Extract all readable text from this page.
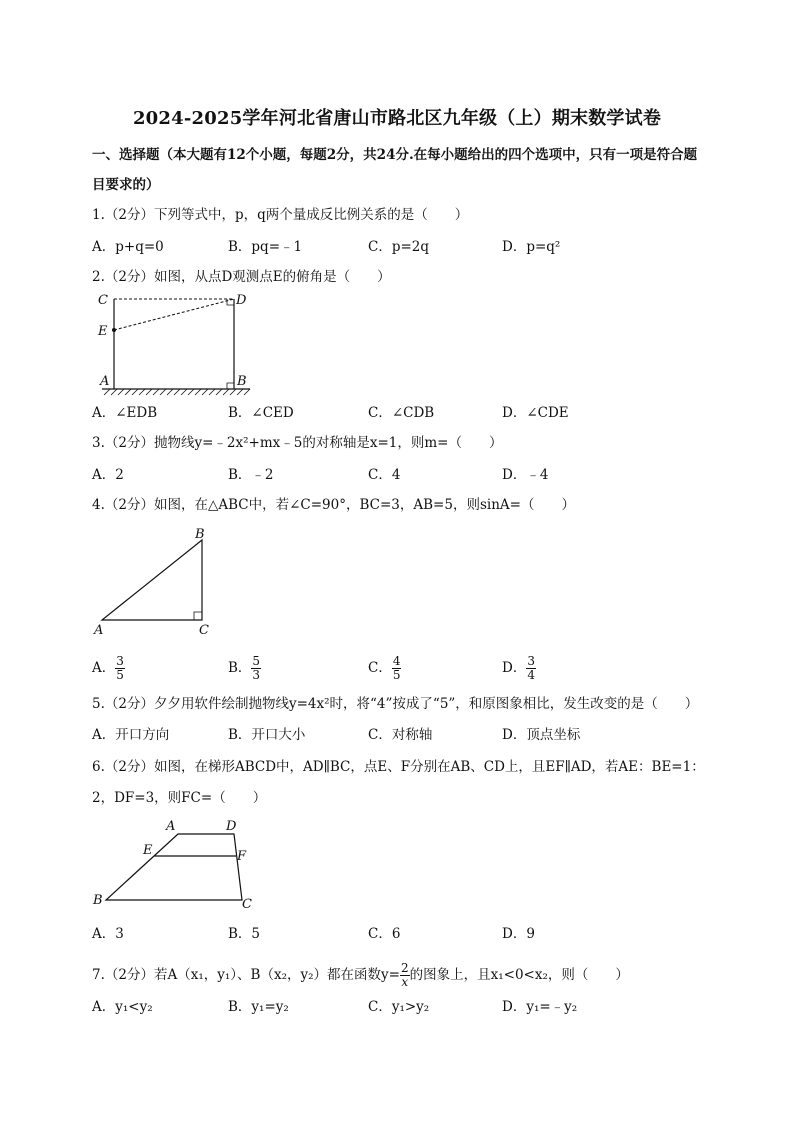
2024-2025学年河北省唐山市路北区九年级（上）期末数学试卷
一、选择题（本大题有12个小题，每题2分，共24分.在每小题给出的四个选项中，只有一项是符合题
目要求的）
1.（2分）下列等式中，p，q两个量成反比例关系的是（　　）
A．p+q=0	B．pq=﹣1	C．p=2q	D．p=q²
2.（2分）如图，从点D观测点E的俯角是（　　）
C	D
E
A	B
A．∠EDB	B．∠CED	C．∠CDB	D．∠CDE
3.（2分）抛物线y=﹣2x²+mx﹣5的对称轴是x=1，则m=（　　）
A．2	B．﹣2	C．4	D．﹣4
4.（2分）如图，在△ABC中，若∠C=90°，BC=3，AB=5，则sinA=（　　）
B
A	C
A． $\frac{3}{5}$	B． $\frac{5}{3}$	C． $\frac{4}{5}$	D． $\frac{3}{4}$
5.（2分）夕夕用软件绘制抛物线y=4x²时，将“4”按成了“5”，和原图象相比，发生改变的是（　　）
A．开口方向	B．开口大小	C．对称轴	D．顶点坐标
6.（2分）如图，在梯形ABCD中，AD∥BC，点E、F分别在AB、CD上，且EF∥AD，若AE：BE=1：
2，DF=3，则FC=（　　）
A	D
E	F
B	C
A．3	B．5	C．6	D．9
7.（2分）若A（x₁，y₁）、B（x₂，y₂）都在函数$y= \frac{2}{x}$ 的图象上，且x₁<0<x₂，则（　　）
A．y₁<y₂	B．y₁=y₂	C．y₁>y₂	D．y₁=﹣y₂
